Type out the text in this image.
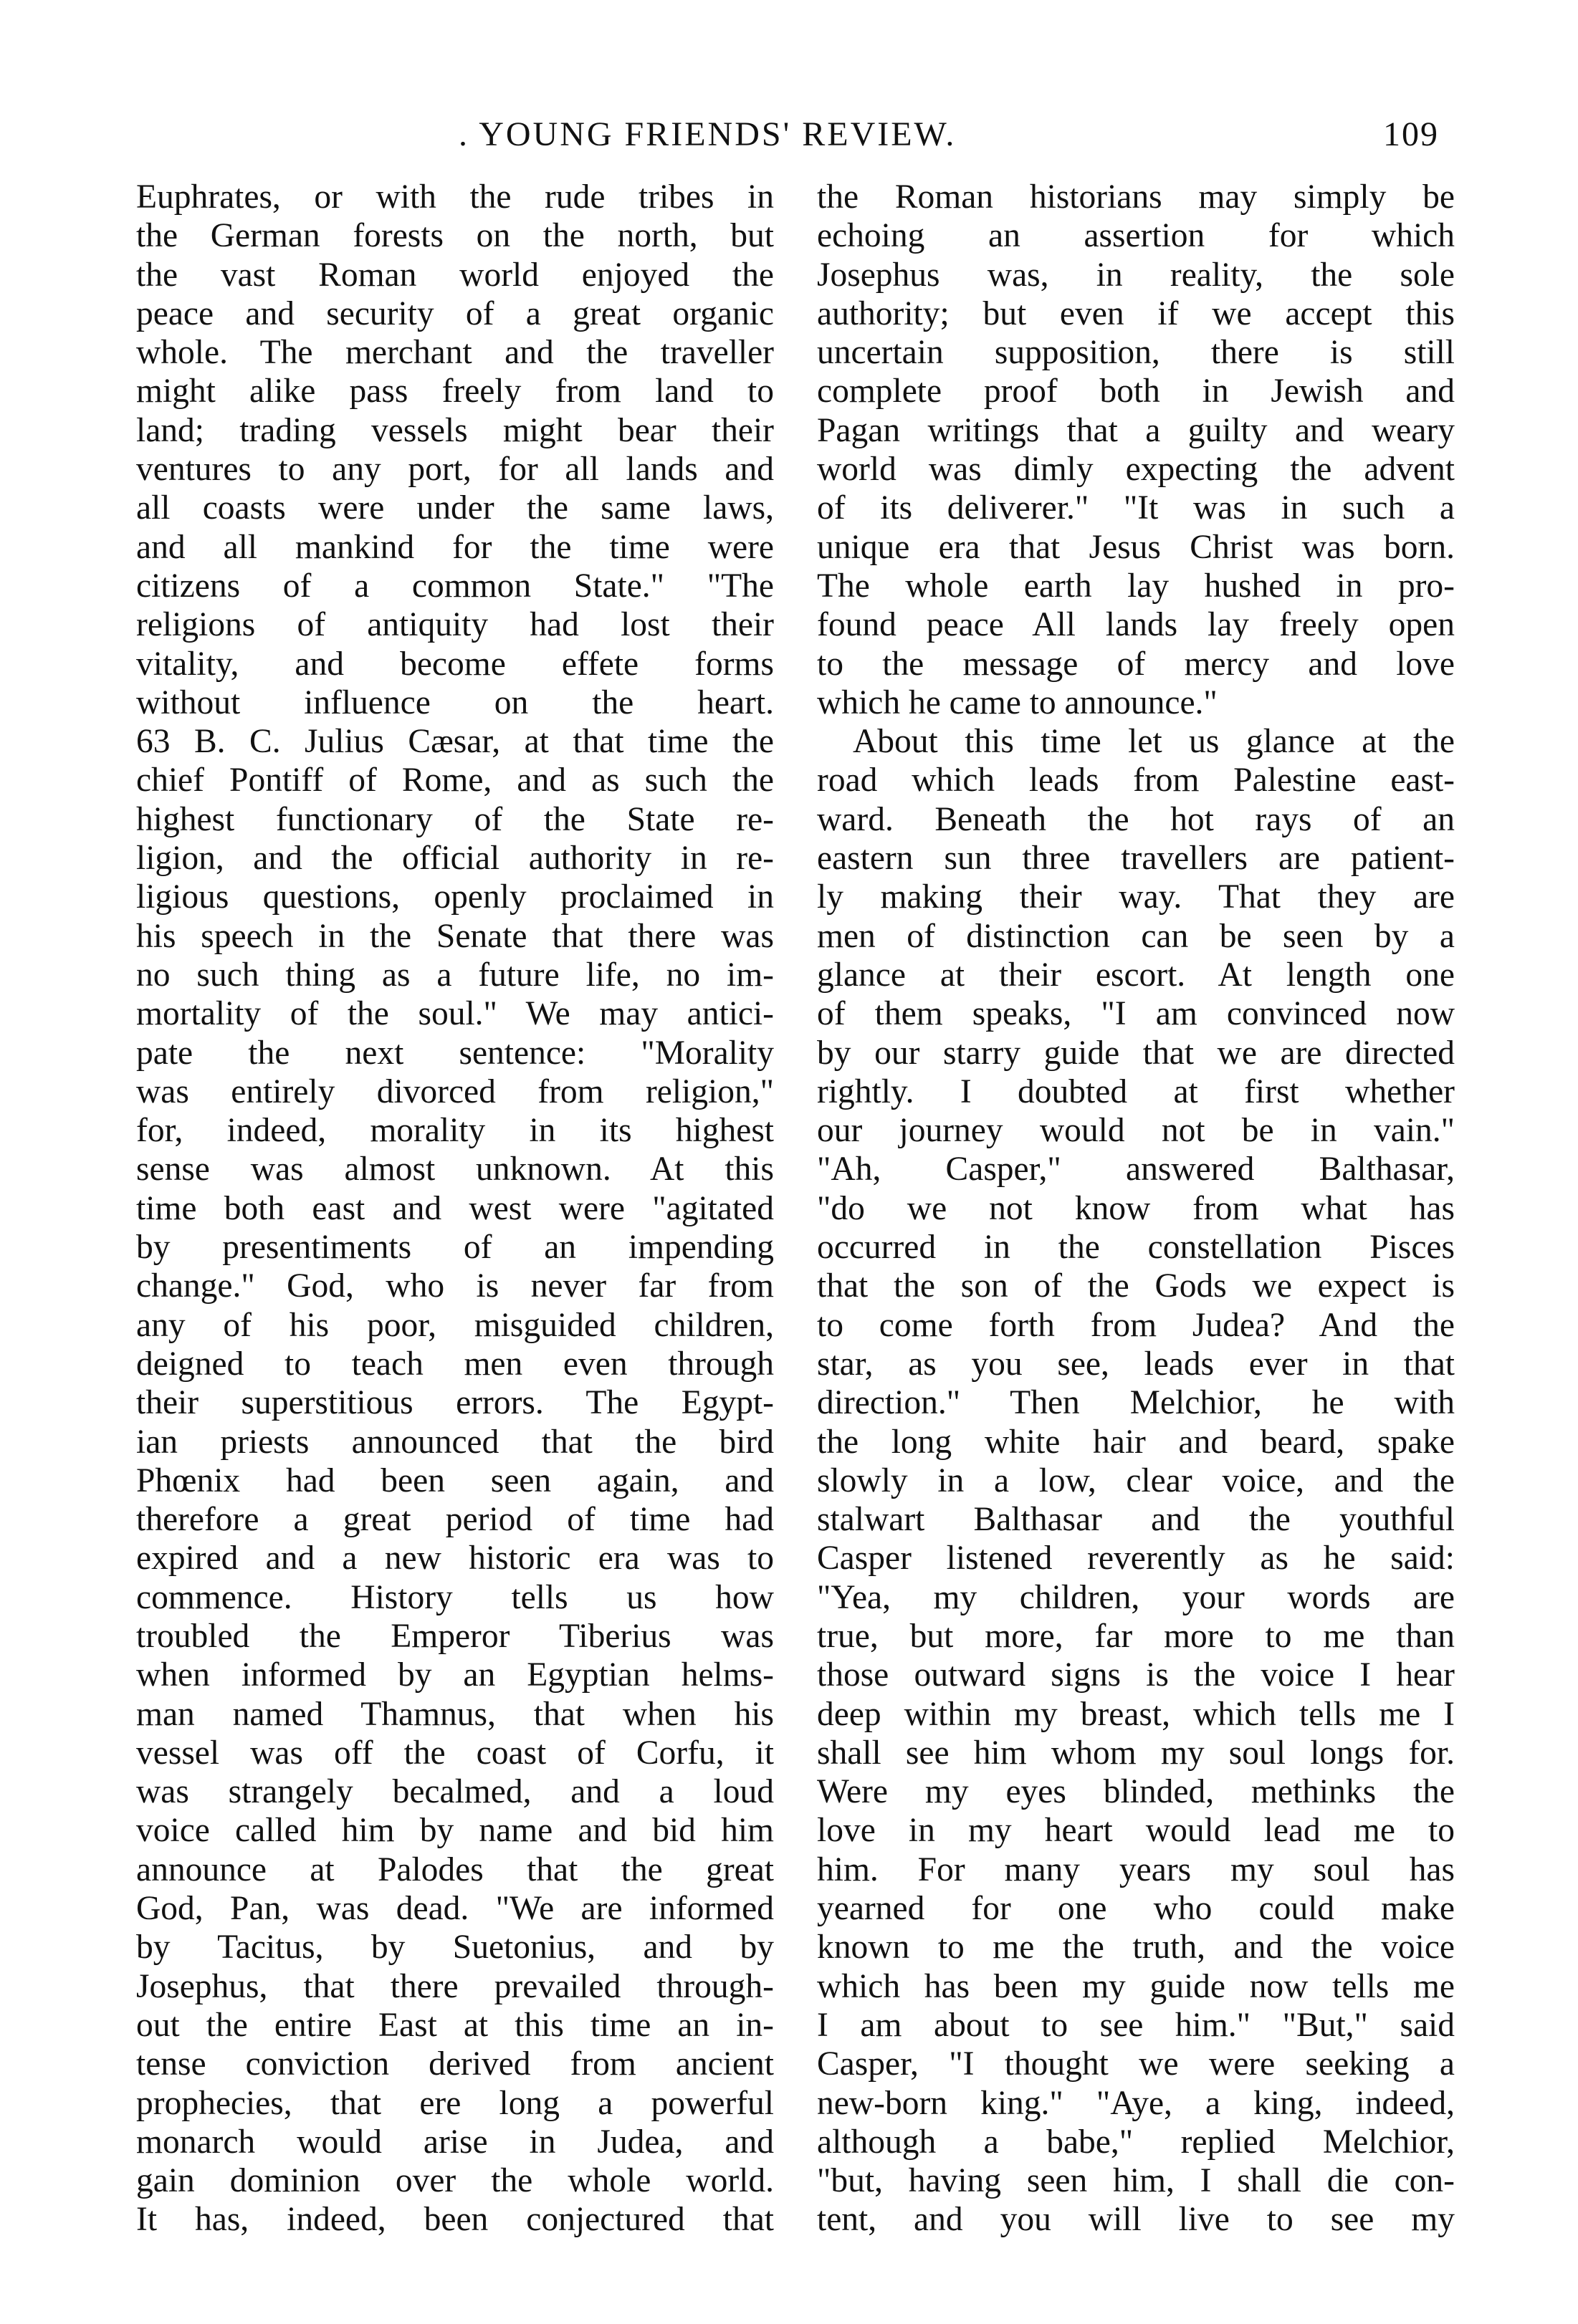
. YOUNG FRIENDS' REVIEW.	109
Euphrates, or with the rude tribes in
the German forests on the north, but
the vast Roman world enjoyed the
peace and security of a great organic
whole. The merchant and the traveller
might alike pass freely from land to
land; trading vessels might bear their
ventures to any port, for all lands and
all coasts were under the same laws,
and all mankind for the time were
citizens of a common State." "The
religions of antiquity had lost their
vitality, and become effete forms
without influence on the heart.
63 B. C. Julius Cæsar, at that time the
chief Pontiff of Rome, and as such the
highest functionary of the State re-
ligion, and the official authority in re-
ligious questions, openly proclaimed in
his speech in the Senate that there was
no such thing as a future life, no im-
mortality of the soul." We may antici-
pate the next sentence: "Morality
was entirely divorced from religion,"
for, indeed, morality in its highest
sense was almost unknown. At this
time both east and west were "agitated
by presentiments of an impending
change." God, who is never far from
any of his poor, misguided children,
deigned to teach men even through
their superstitious errors. The Egypt-
ian priests announced that the bird
Phœnix had been seen again, and
therefore a great period of time had
expired and a new historic era was to
commence. History tells us how
troubled the Emperor Tiberius was
when informed by an Egyptian helms-
man named Thamnus, that when his
vessel was off the coast of Corfu, it
was strangely becalmed, and a loud
voice called him by name and bid him
announce at Palodes that the great
God, Pan, was dead. "We are informed
by Tacitus, by Suetonius, and by
Josephus, that there prevailed through-
out the entire East at this time an in-
tense conviction derived from ancient
prophecies, that ere long a powerful
monarch would arise in Judea, and
gain dominion over the whole world.
It has, indeed, been conjectured that
the Roman historians may simply be
echoing an assertion for which
Josephus was, in reality, the sole
authority; but even if we accept this
uncertain supposition, there is still
complete proof both in Jewish and
Pagan writings that a guilty and weary
world was dimly expecting the advent
of its deliverer." "It was in such a
unique era that Jesus Christ was born.
The whole earth lay hushed in pro-
found peace All lands lay freely open
to the message of mercy and love
which he came to announce."
About this time let us glance at the
road which leads from Palestine east-
ward. Beneath the hot rays of an
eastern sun three travellers are patient-
ly making their way. That they are
men of distinction can be seen by a
glance at their escort. At length one
of them speaks, "I am convinced now
by our starry guide that we are directed
rightly. I doubted at first whether
our journey would not be in vain."
"Ah, Casper," answered Balthasar,
"do we not know from what has
occurred in the constellation Pisces
that the son of the Gods we expect is
to come forth from Judea? And the
star, as you see, leads ever in that
direction." Then Melchior, he with
the long white hair and beard, spake
slowly in a low, clear voice, and the
stalwart Balthasar and the youthful
Casper listened reverently as he said:
"Yea, my children, your words are
true, but more, far more to me than
those outward signs is the voice I hear
deep within my breast, which tells me I
shall see him whom my soul longs for.
Were my eyes blinded, methinks the
love in my heart would lead me to
him. For many years my soul has
yearned for one who could make
known to me the truth, and the voice
which has been my guide now tells me
I am about to see him." "But," said
Casper, "I thought we were seeking a
new-born king." "Aye, a king, indeed,
although a babe," replied Melchior,
"but, having seen him, I shall die con-
tent, and you will live to see my
